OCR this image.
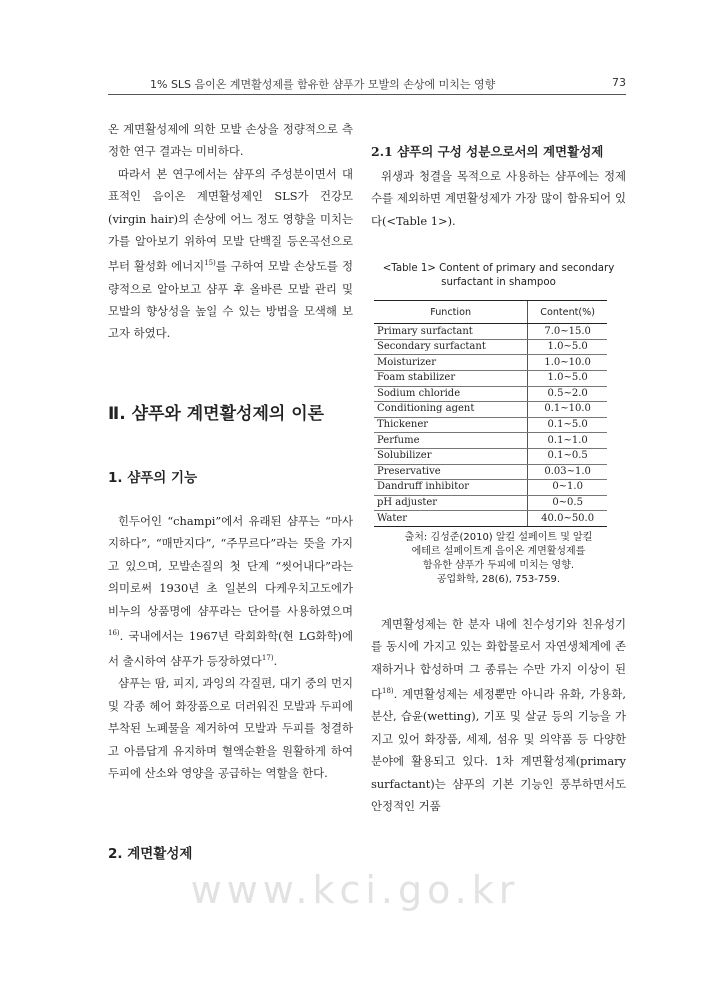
1% SLS 음이온 계면활성제를 함유한 샴푸가 모발의 손상에 미치는 영향	73

온 계면활성제에 의한 모발 손상을 정량적으로 측정한 연구 결과는 미비하다.

따라서 본 연구에서는 샴푸의 주성분이면서 대표적인 음이온 계면활성제인 SLS가 건강모(virgin hair)의 손상에 어느 정도 영향을 미치는가를 알아보기 위하여 모발 단백질 등온곡선으로부터 활성화 에너지$^{15)}$를 구하여 모발 손상도를 정량적으로 알아보고 샴푸 후 올바른 모발 관리 및 모발의 향상성을 높일 수 있는 방법을 모색해 보고자 하였다.

Ⅱ. 샴푸와 계면활성제의 이론
1. 샴푸의 기능

힌두어인 “champi”에서 유래된 샴푸는 “마사지하다”, “매만지다”, “주무르다”라는 뜻을 가지고 있으며, 모발손질의 첫 단계 “씻어내다”라는 의미로써 1930년 초 일본의 다케우치고도에가 비누의 상품명에 샴푸라는 단어를 사용하였으며$^{16)}$. 국내에서는 1967년 락회화학(현 LG화학)에서 출시하여 샴푸가 등장하였다$^{17)}$.

샴푸는 땀, 피지, 과잉의 각질편, 대기 중의 먼지 및 각종 헤어 화장품으로 더러워진 모발과 두피에 부착된 노폐물을 제거하여 모발과 두피를 청결하고 아름답게 유지하며 혈액순환을 원활하게 하여 두피에 산소와 영양을 공급하는 역할을 한다.

2. 계면활성제

2.1 샴푸의 구성 성분으로서의 계면활성제

위생과 청결을 목적으로 사용하는 샴푸에는 정제수를 제외하면 계면활성제가 가장 많이 함유되어 있다(<Table 1>).

<Table 1> Content of primary and secondary

surfactant in shampoo

Function	Content(%)
Primary surfactant	7.0~15.0
Secondary surfactant	1.0~5.0
Moisturizer	1.0~10.0
Foam stabilizer	1.0~5.0
Sodium chloride	0.5~2.0
Conditioning agent	0.1~10.0
Thickener	0.1~5.0
Perfume	0.1~1.0
Solubilizer	0.1~0.5
Preservative	0.03~1.0
Dandruff inhibitor	0~1.0
pH adjuster	0~0.5
Water	40.0~50.0

출처: 김성준(2010) 알킬 설페이트 및 알킬

에테르 설페이트계 음이온 계면활성제를

함유한 샴푸가 두피에 미치는 영향.

공업화학, 28(6), 753-759.

계면활성제는 한 분자 내에 친수성기와 친유성기를 동시에 가지고 있는 화합물로서 자연생체계에 존재하거나 합성하며 그 종류는 수만 가지 이상이 된다$^{18)}$. 계면활성제는 세정뿐만 아니라 유화, 가용화, 분산, 습윤(wetting), 기포 및 살균 등의 기능을 가지고 있어 화장품, 세제, 섬유 및 의약품 등 다양한 분야에 활용되고 있다. 1차 계면활성제(primary surfactant)는 샴푸의 기본 기능인 풍부하면서도 안정적인 거품

www.kci.go.kr
